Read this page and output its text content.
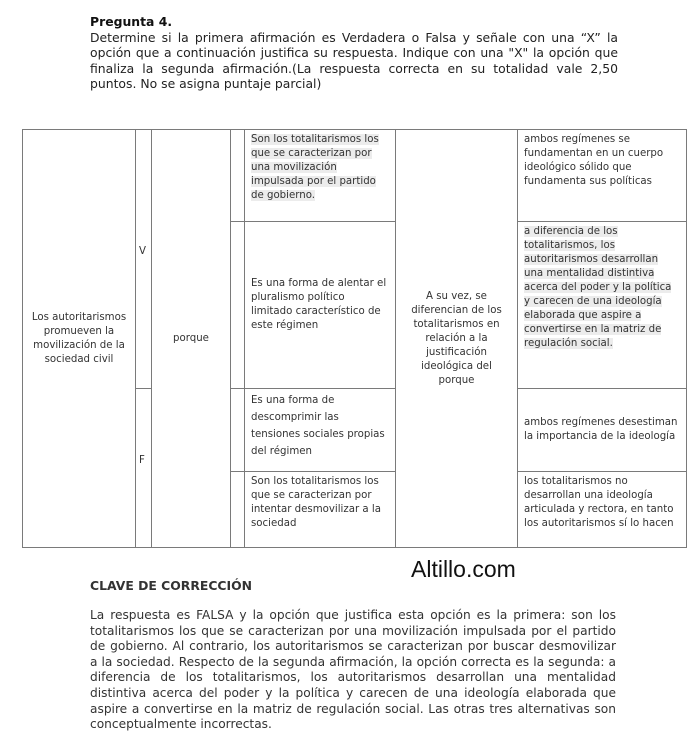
Pregunta 4.
Determine si la primera afirmación es Verdadera o Falsa y señale con una “X” la opción que a continuación justifica su respuesta. Indique con una "X" la opción que finaliza la segunda afirmación.(La respuesta correcta en su totalidad vale 2,50 puntos. No se asigna puntaje parcial)
Los autoritarismos promueven la movilización de la sociedad civil	V	porque		Son los totalitarismos los que se caracterizan por una movilización impulsada por el partido de gobierno.	A su vez, se diferencian de los totalitarismos en relación a la justificación ideológica del porque	ambos regímenes se fundamentan en un cuerpo ideológico sólido que fundamenta sus políticas
				Es una forma de alentar el pluralismo político limitado característico de este régimen		a diferencia de los totalitarismos, los autoritarismos desarrollan una mentalidad distintiva acerca del poder y la política y carecen de una ideología elaborada que aspire a convertirse en la matriz de regulación social.

	F			Es una forma de descomprimir las tensiones sociales propias del régimen		ambos regímenes desestiman la importancia de la ideología
				Son los totalitarismos los que se caracterizan por intentar desmovilizar a la sociedad		los totalitarismos no desarrollan una ideología articulada y rectora, en tanto los autoritarismos sí lo hacen
Altillo.com
CLAVE DE CORRECCIÓN
La respuesta es FALSA y la opción que justifica esta opción es la primera: son los totalitarismos los que se caracterizan por una movilización impulsada por el partido de gobierno. Al contrario, los autoritarismos se caracterizan por buscar desmovilizar a la sociedad. Respecto de la segunda afirmación, la opción correcta es la segunda: a diferencia de los totalitarismos, los autoritarismos desarrollan una mentalidad distintiva acerca del poder y la política y carecen de una ideología elaborada que aspire a convertirse en la matriz de regulación social. Las otras tres alternativas son conceptualmente incorrectas.
